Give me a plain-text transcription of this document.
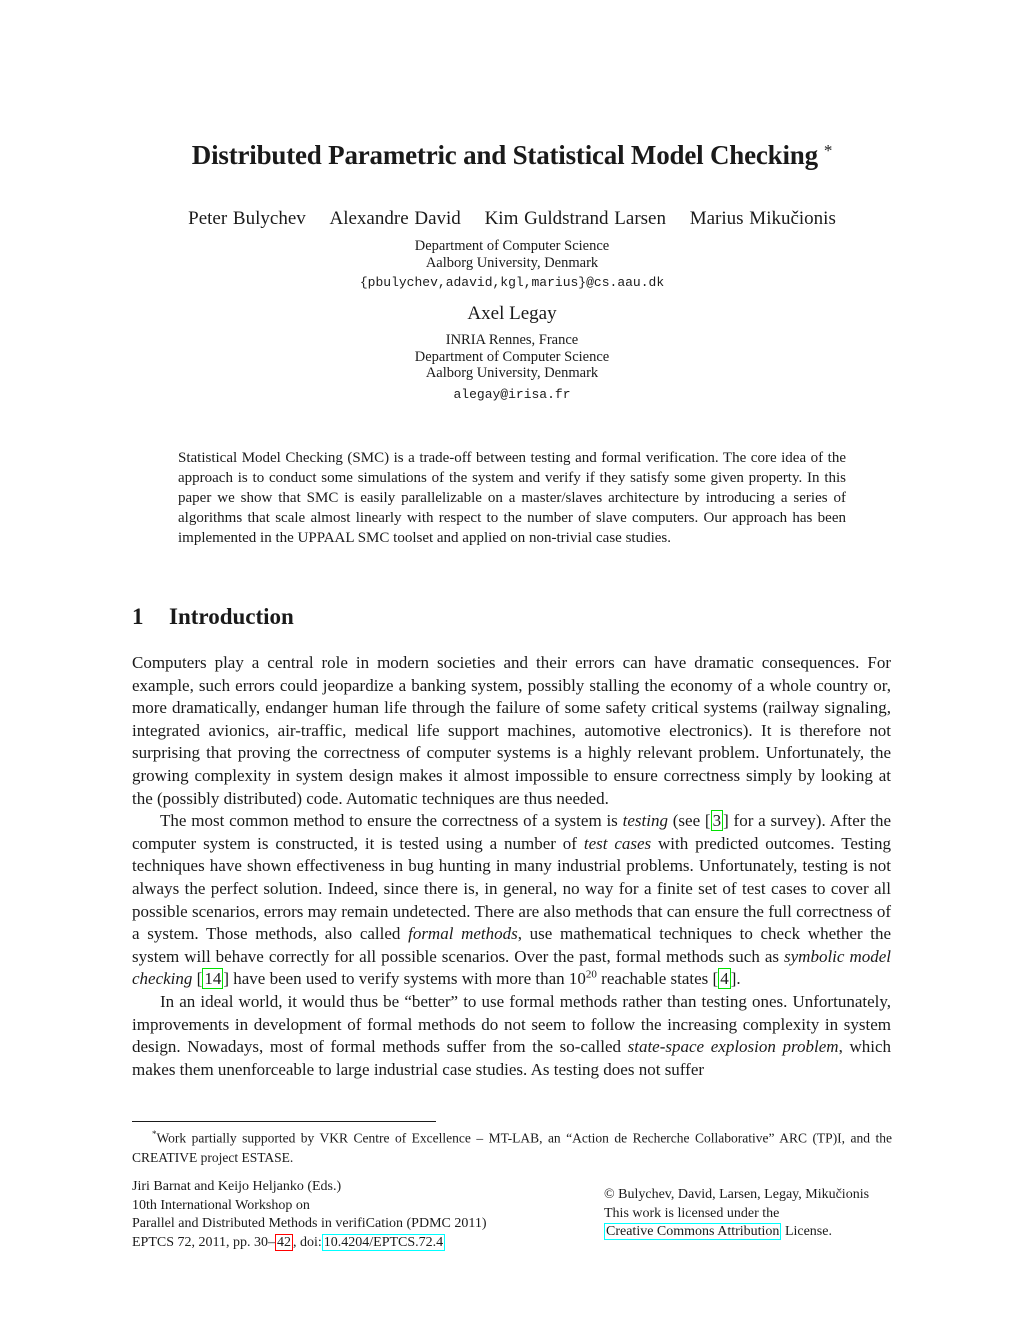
Distributed Parametric and Statistical Model Checking *
Peter Bulychev Alexandre David Kim Guldstrand Larsen Marius Mikučionis
Department of Computer Science
Aalborg University, Denmark
{pbulychev,adavid,kgl,marius}@cs.aau.dk
Axel Legay
INRIA Rennes, France
Department of Computer Science
Aalborg University, Denmark
alegay@irisa.fr
Statistical Model Checking (SMC) is a trade-off between testing and formal verification. The core idea of the approach is to conduct some simulations of the system and verify if they satisfy some given property. In this paper we show that SMC is easily parallelizable on a master/slaves architecture by introducing a series of algorithms that scale almost linearly with respect to the number of slave computers. Our approach has been implemented in the UPPAAL SMC toolset and applied on non-trivial case studies.
1 Introduction

Computers play a central role in modern societies and their errors can have dramatic consequences. For example, such errors could jeopardize a banking system, possibly stalling the economy of a whole country or, more dramatically, endanger human life through the failure of some safety critical systems (railway signaling, integrated avionics, air-traffic, medical life support machines, automotive electronics). It is therefore not surprising that proving the correctness of computer systems is a highly relevant problem. Unfortunately, the growing complexity in system design makes it almost impossible to ensure correctness simply by looking at the (possibly distributed) code. Automatic techniques are thus needed.

The most common method to ensure the correctness of a system is testing (see [ 3 ] for a survey). After the computer system is constructed, it is tested using a number of test cases with predicted outcomes. Testing techniques have shown effectiveness in bug hunting in many industrial problems. Unfortunately, testing is not always the perfect solution. Indeed, since there is, in general, no way for a finite set of test cases to cover all possible scenarios, errors may remain undetected. There are also methods that can ensure the full correctness of a system. Those methods, also called formal methods, use mathematical techniques to check whether the system will behave correctly for all possible scenarios. Over the past, formal methods such as symbolic model checking [ 14 ] have been used to verify systems with more than $10^{20}$ reachable states [ 4 ].

In an ideal world, it would thus be “better” to use formal methods rather than testing ones. Unfortunately, improvements in development of formal methods do not seem to follow the increasing complexity in system design. Nowadays, most of formal methods suffer from the so-called state-space explosion problem, which makes them unenforceable to large industrial case studies. As testing does not suffer

*Work partially supported by VKR Centre of Excellence – MT-LAB, an “Action de Recherche Collaborative” ARC (TP)I, and the CREATIVE project ESTASE.
Jiri Barnat and Keijo Heljanko (Eds.)
10th International Workshop on
Parallel and Distributed Methods in verifiCation (PDMC 2011)
EPTCS 72, 2011, pp. 30– 42 , doi: 10.4204/EPTCS.72.4
© Bulychev, David, Larsen, Legay, Mikučionis
This work is licensed under the
Creative Commons Attribution License.
